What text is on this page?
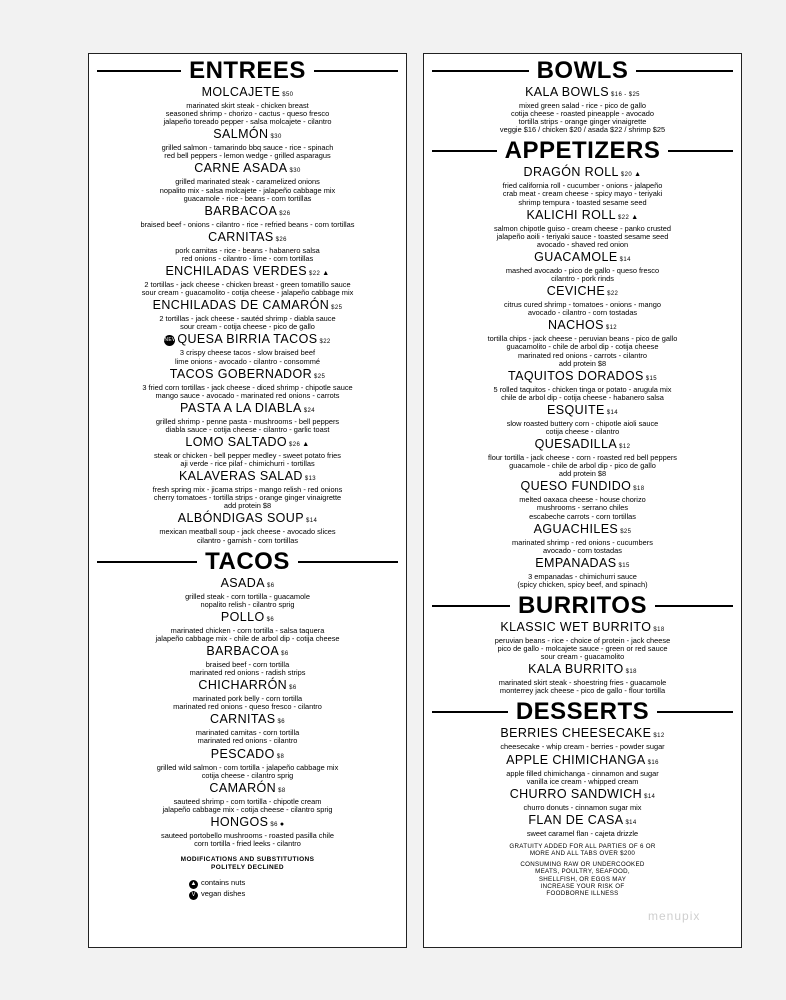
ENTREES
MOLCAJETE $50
marinated skirt steak - chicken breast
seasoned shrimp - chorizo - cactus - queso fresco
jalapeño toreado pepper - salsa molcajete - cilantro
SALMÓN $30
grilled salmon - tamarindo bbq sauce - rice - spinach
red bell peppers - lemon wedge - grilled asparagus
CARNE ASADA $30
grilled marinated steak - caramelized onions
nopalito mix - salsa molcajete - jalapeño cabbage mix
guacamole - rice - beans - corn tortillas
BARBACOA $26
braised beef - onions - cilantro - rice - refried beans - corn tortillas
CARNITAS $26
pork carnitas - rice - beans - habanero salsa
red onions - cilantro - lime - corn tortillas
ENCHILADAS VERDES $22 ▲
2 tortillas - jack cheese - chicken breast - green tomatillo sauce
sour cream - guacamolito - cotija cheese - jalapeño cabbage mix
ENCHILADAS DE CAMARÓN $25
2 tortillas - jack cheese - sautéd shrimp - diabla sauce
sour cream - cotija cheese - pico de gallo
NEWQUESA BIRRIA TACOS $22
3 crispy cheese tacos - slow braised beef
lime onions - avocado - cilantro - consommé
TACOS GOBERNADOR $25
3 fried corn tortillas - jack cheese - diced shrimp - chipotle sauce
mango sauce - avocado - marinated red onions - carrots
PASTA A LA DIABLA $24
grilled shrimp - penne pasta - mushrooms - bell peppers
diabla sauce - cotija cheese - cilantro - garlic toast
LOMO SALTADO $26 ▲
steak or chicken - bell pepper medley - sweet potato fries
aji verde - rice pilaf - chimichurri - tortillas
KALAVERAS SALAD $13
fresh spring mix - jicama strips - mango relish - red onions
cherry tomatoes - tortilla strips - orange ginger vinaigrette
add protein $8
ALBÓNDIGAS SOUP $14
mexican meatball soup - jack cheese - avocado slices
cilantro - garnish - corn tortillas
TACOS
ASADA $6
grilled steak - corn tortilla - guacamole
nopalito relish - cilantro sprig
POLLO $6
marinated chicken - corn tortilla - salsa taquera
jalapeño cabbage mix - chile de arbol dip - cotija cheese
BARBACOA $6
braised beef - corn tortilla
marinated red onions - radish strips
CHICHARRÓN $6
marinated pork belly - corn tortilla
marinated red onions - queso fresco - cilantro
CARNITAS $6
marinated carnitas - corn tortilla
marinated red onions - cilantro
PESCADO $8
grilled wild salmon - corn tortilla - jalapeño cabbage mix
cotija cheese - cilantro sprig
CAMARÓN $8
sauteed shrimp - corn tortilla - chipotle cream
jalapeño cabbage mix - cotija cheese - cilantro sprig
HONGOS $6 ●
sauteed portobello mushrooms - roasted pasilla chile
corn tortilla - fried leeks - cilantro
MODIFICATIONS AND SUBSTITUTIONS
POLITELY DECLINED
▲ contains nuts
V vegan dishes
BOWLS
KALA BOWLS $16 - $25
mixed green salad - rice - pico de gallo
cotija cheese - roasted pineapple - avocado
tortilla strips - orange ginger vinaigrette
veggie $16 / chicken $20 / asada $22 / shrimp $25
APPETIZERS
DRAGÓN ROLL $20 ▲
fried california roll - cucumber - onions - jalapeño
crab meat - cream cheese - spicy mayo - teriyaki
shrimp tempura - toasted sesame seed
KALICHI ROLL $22 ▲
salmon chipotle guiso - cream cheese - panko crusted
jalapeño aoili - teriyaki sauce - toasted sesame seed
avocado - shaved red onion
GUACAMOLE $14
mashed avocado - pico de gallo - queso fresco
cilantro - pork rinds
CEVICHE $22
citrus cured shrimp - tomatoes - onions - mango
avocado - cilantro - corn tostadas
NACHOS $12
tortilla chips - jack cheese - peruvian beans - pico de gallo
guacamolito - chile de arbol dip - cotija cheese
marinated red onions - carrots - cilantro
add protein $8
TAQUITOS DORADOS $15
5 rolled taquitos - chicken tinga or potato - arugula mix
chile de arbol dip - cotija cheese - habanero salsa
ESQUITE $14
slow roasted buttery corn - chipotle aioli sauce
cotija cheese - cilantro
QUESADILLA $12
flour tortilla - jack cheese - corn - roasted red bell peppers
guacamole - chile de arbol dip - pico de gallo
add protein $8
QUESO FUNDIDO $18
melted oaxaca cheese - house chorizo
mushrooms - serrano chiles
escabeche carrots - corn tortillas
AGUACHILES $25
marinated shrimp - red onions - cucumbers
avocado - corn tostadas
EMPANADAS $15
3 empanadas - chimichurri sauce
(spicy chicken, spicy beef, and spinach)
BURRITOS
KLASSIC WET BURRITO $18
peruvian beans - rice - choice of protein - jack cheese
pico de gallo - molcajete sauce - green or red sauce
sour cream - guacamolito
KALA BURRITO $18
marinated skirt steak - shoestring fries - guacamole
monterrey jack cheese - pico de gallo - flour tortilla
DESSERTS
BERRIES CHEESECAKE $12
cheesecake - whip cream - berries - powder sugar
APPLE CHIMICHANGA $16
apple filled chimichanga - cinnamon and sugar
vanilla ice cream - whipped cream
CHURRO SANDWICH $14
churro donuts - cinnamon sugar mix
FLAN DE CASA $14
sweet caramel flan - cajeta drizzle
GRATUITY ADDED FOR ALL PARTIES OF 6 OR
MORE AND ALL TABS OVER $200
CONSUMING RAW OR UNDERCOOKED
MEATS, POULTRY, SEAFOOD,
SHELLFISH, OR EGGS MAY
INCREASE YOUR RISK OF
FOODBORNE ILLNESS
menupix
